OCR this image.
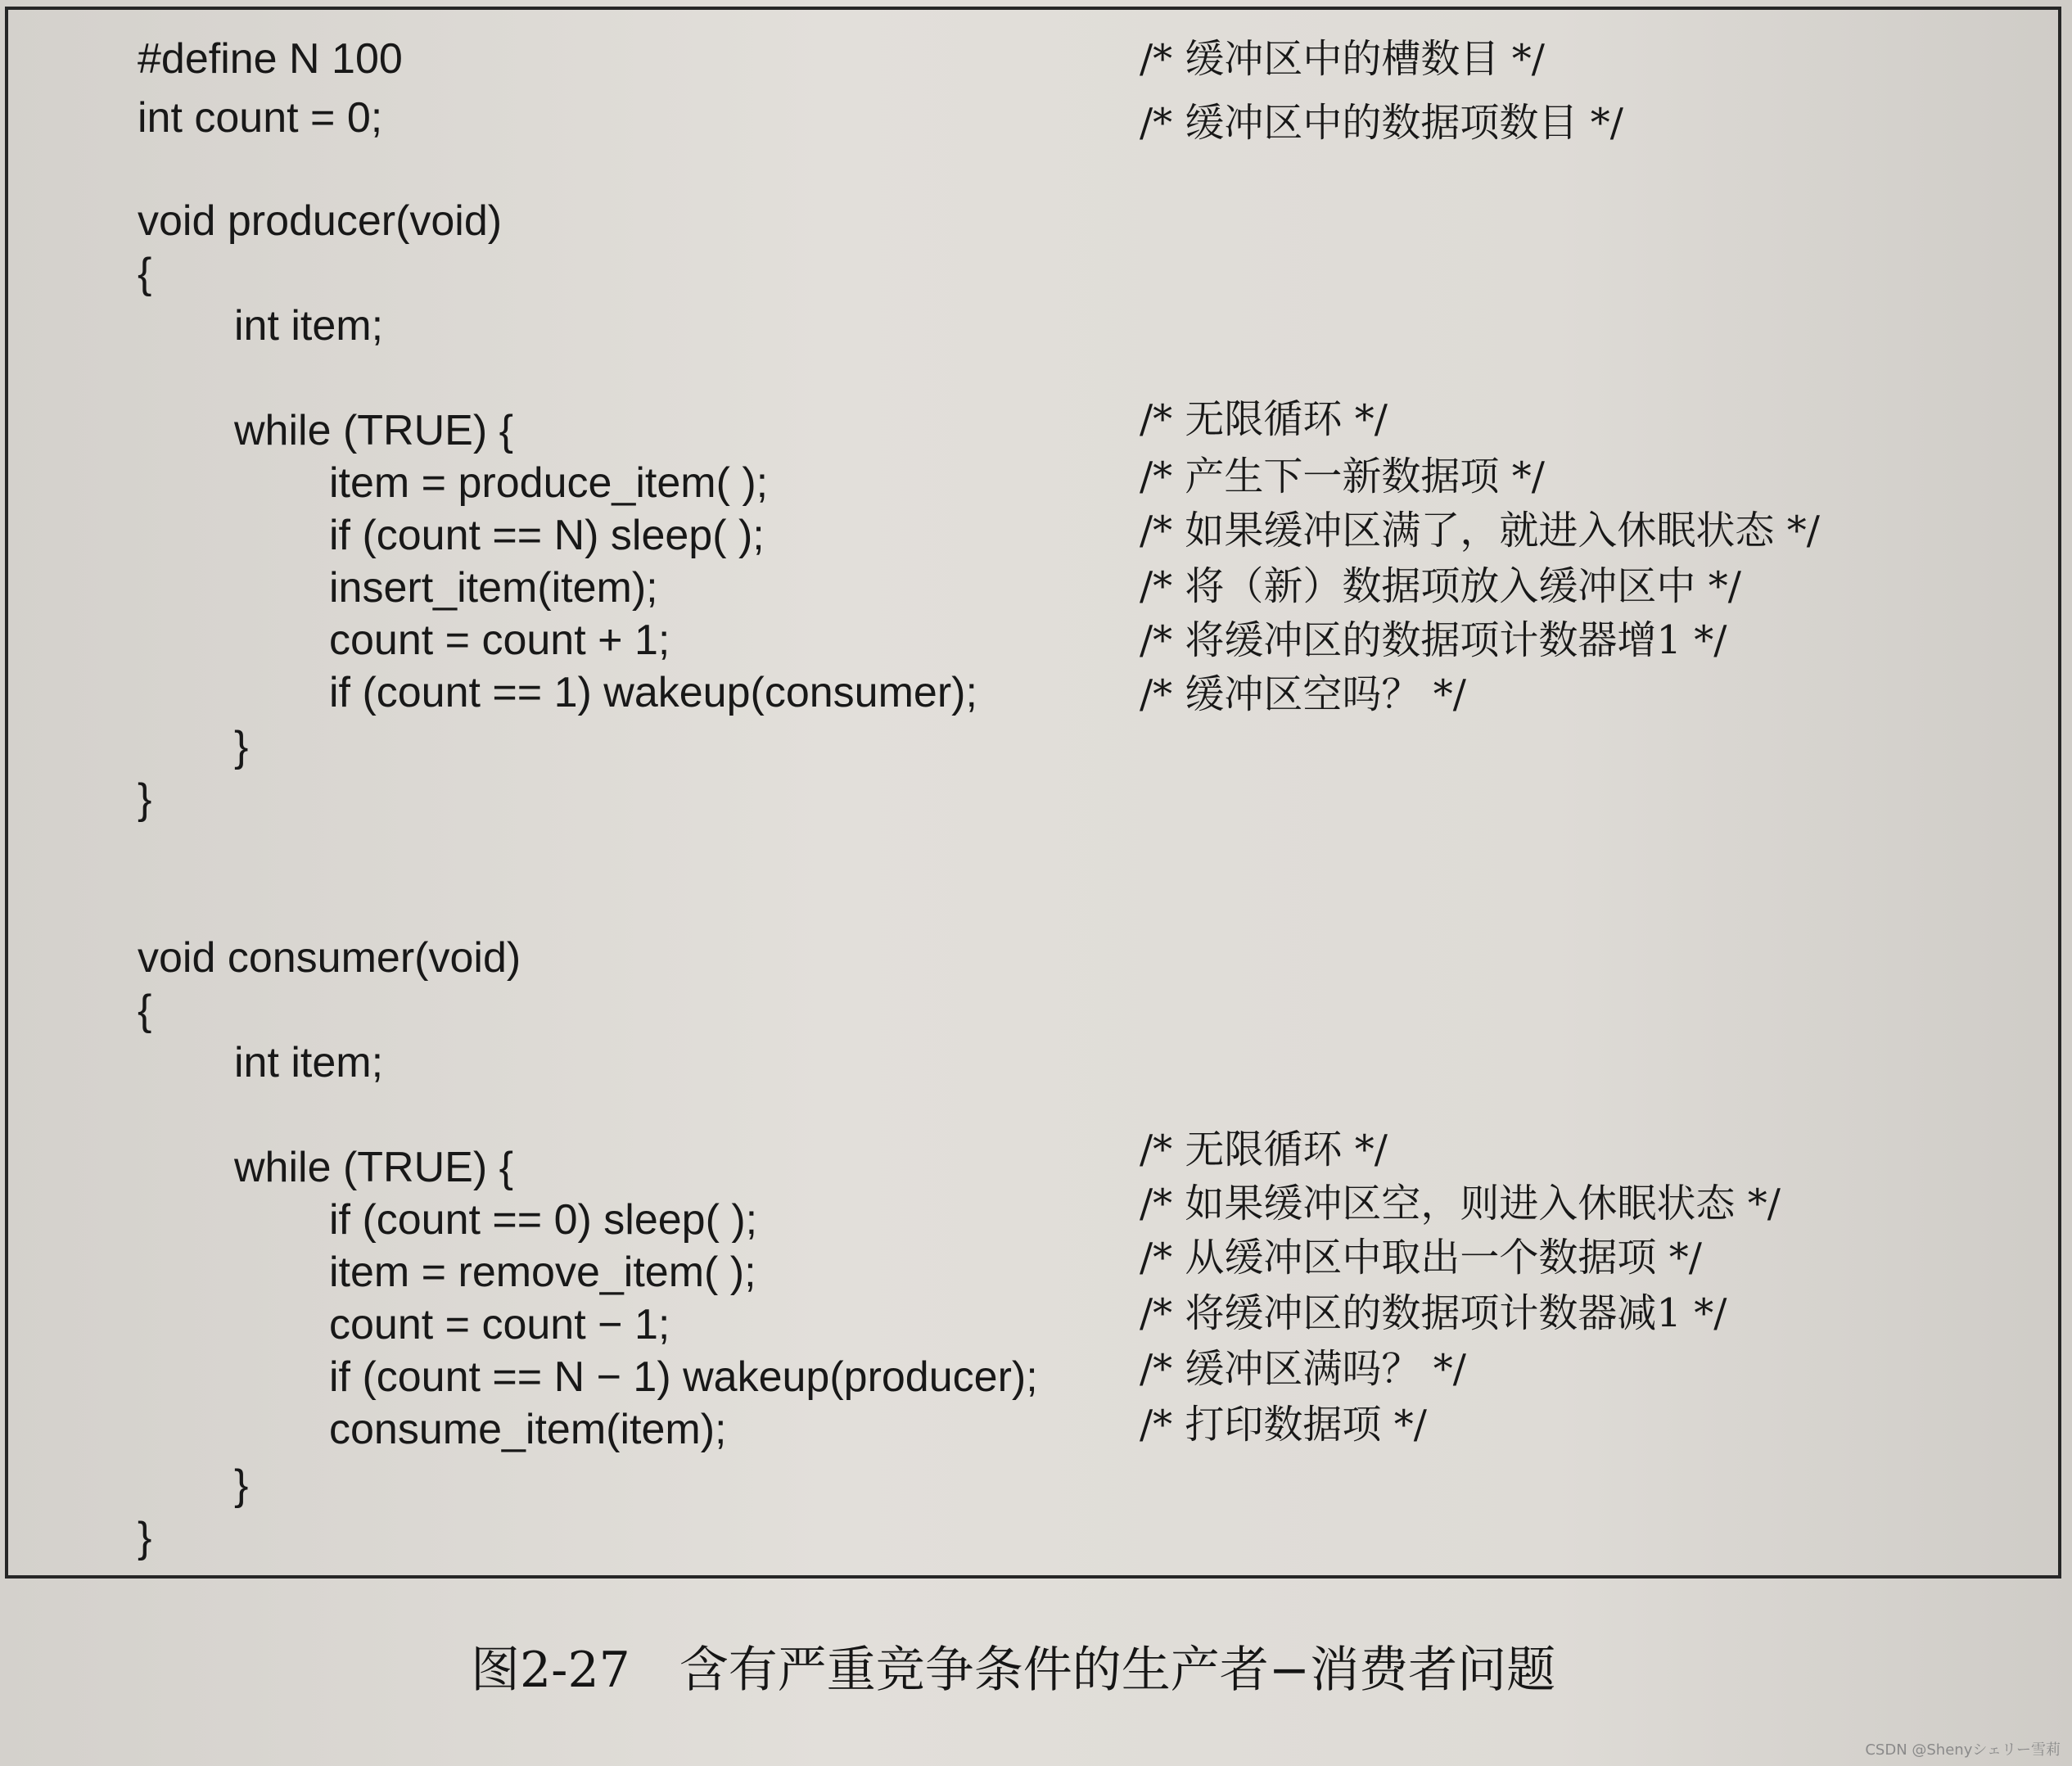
#define N 100	/* 缓冲区中的槽数目 */
int count = 0;	/* 缓冲区中的数据项数目 */
void producer(void)
{
int item;
while (TRUE) {	/* 无限循环 */
item = produce_item( );	/* 产生下一新数据项 */
if (count == N) sleep( );	/* 如果缓冲区满了，就进入休眠状态 */
insert_item(item);	/* 将（新）数据项放入缓冲区中 */
count = count + 1;	/* 将缓冲区的数据项计数器增1 */
if (count == 1) wakeup(consumer);	/* 缓冲区空吗？ */
}
}
void consumer(void)
{
int item;
while (TRUE) {	/* 无限循环 */
if (count == 0) sleep( );	/* 如果缓冲区空，则进入休眠状态 */
item = remove_item( );	/* 从缓冲区中取出一个数据项 */
count = count − 1;	/* 将缓冲区的数据项计数器减1 */
if (count == N − 1) wakeup(producer);	/* 缓冲区满吗？ */
consume_item(item);	/* 打印数据项 */
}
}
图2-27　含有严重竞争条件的生产者−消费者问题
CSDN @Shenyシェリー雪莉
